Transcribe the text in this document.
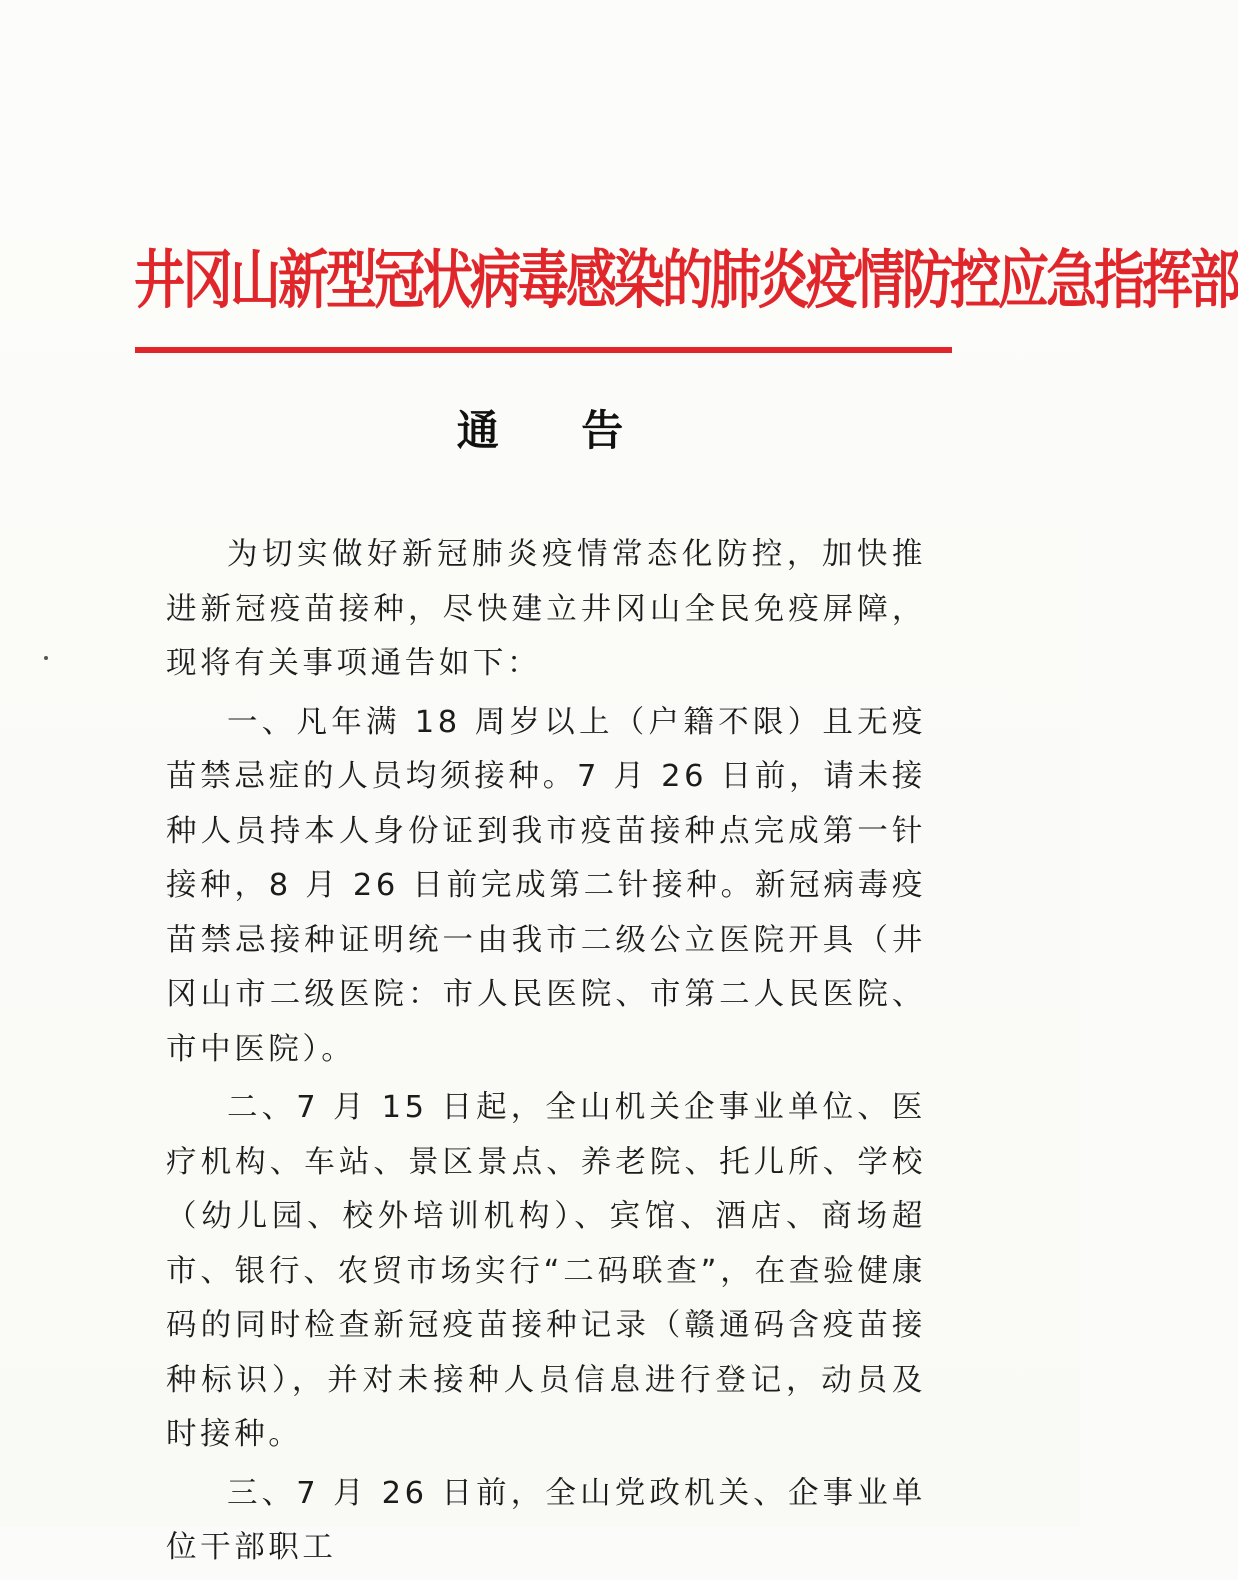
井冈山新型冠状病毒感染的肺炎疫情防控应急指挥部
通 告

为切实做好新冠肺炎疫情常态化防控，加快推进新冠疫苗接种，尽快建立井冈山全民免疫屏障，现将有关事项通告如下：

一、凡年满 18 周岁以上（户籍不限）且无疫苗禁忌症的人员均须接种。7 月 26 日前，请未接种人员持本人身份证到我市疫苗接种点完成第一针接种，8 月 26 日前完成第二针接种。新冠病毒疫苗禁忌接种证明统一由我市二级公立医院开具（井冈山市二级医院：市人民医院、市第二人民医院、市中医院）。

二、7 月 15 日起，全山机关企事业单位、医疗机构、车站、景区景点、养老院、托儿所、学校（幼儿园、校外培训机构）、宾馆、酒店、商场超市、银行、农贸市场实行“二码联查”，在查验健康码的同时检查新冠疫苗接种记录（赣通码含疫苗接种标识），并对未接种人员信息进行登记，动员及时接种。

三、7 月 26 日前，全山党政机关、企事业单位干部职工
